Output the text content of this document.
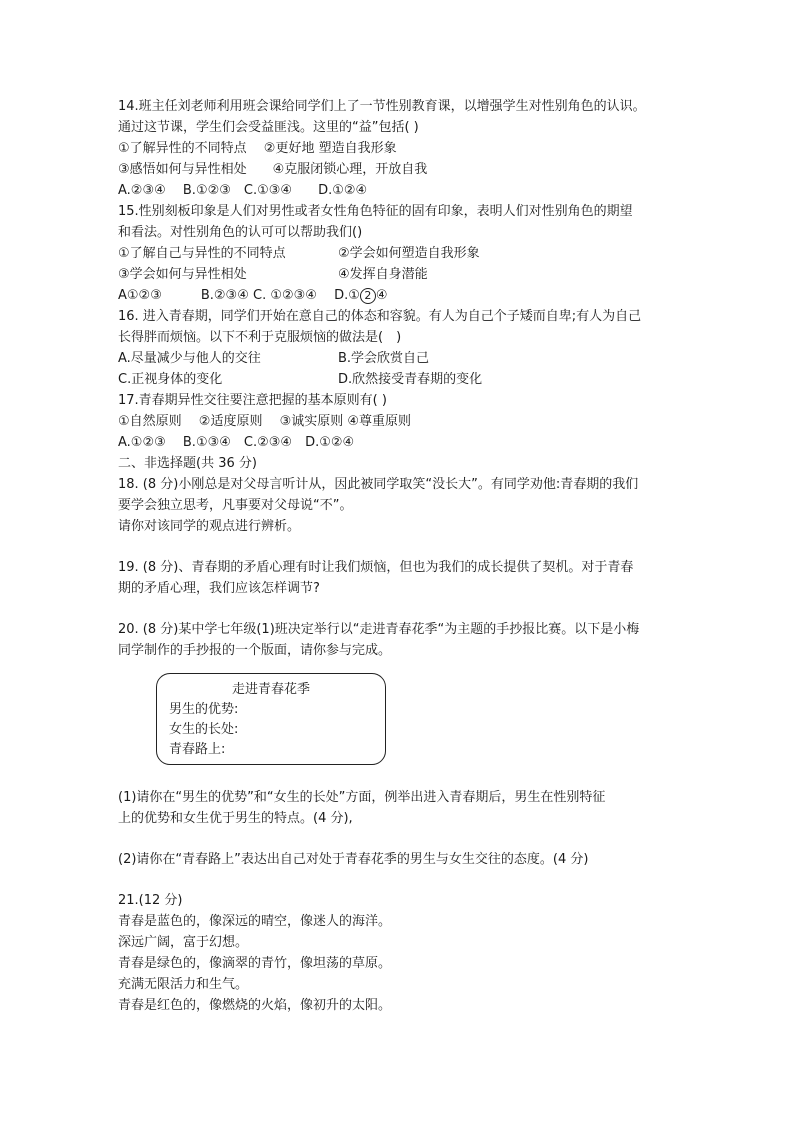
14.班主任刘老师利用班会课给同学们上了一节性别教育课，以增强学生对性别角色的认识。
通过这节课，学生们会受益匪浅。这里的“益”包括( )
①了解异性的不同特点　 ②更好地 塑造自我形象
③感悟如何与异性相处　　④克服闭锁心理，开放自我
A.②③④　 B.①②③　C.①③④　　D.①②④
15.性别刻板印象是人们对男性或者女性角色特征的固有印象，表明人们对性别角色的期望
和看法。对性别角色的认可可以帮助我们()
①了解自己与异性的不同特点	②学会如何塑造自我形象
③学会如何与异性相处	④发挥自身潜能
A①②③　　　B.②③④ C. ①②③④　 D.① 2 ④
16. 进入青春期，同学们开始在意自己的体态和容貌。有人为自己个子矮而自卑;有人为自己
长得胖而烦恼。以下不利于克服烦恼的做法是(　)
A.尽量减少与他人的交往	B.学会欣赏自己
C.正视身体的变化	D.欣然接受青春期的变化
17.青春期异性交往要注意把握的基本原则有( )
①自然原则　 ②适度原则　 ③诚实原则 ④尊重原则
A.①②③　 B.①③④　C.②③④　D.①②④
二、非选择题(共 36 分)
18. (8 分)小刚总是对父母言听计从，因此被同学取笑“没长大”。有同学劝他:青春期的我们
要学会独立思考，凡事要对父母说“不”。
请你对该同学的观点进行辨析。
19. (8 分)、青春期的矛盾心理有时让我们烦恼，但也为我们的成长提供了契机。对于青春
期的矛盾心理，我们应该怎样调节?
20. (8 分)某中学七年级(1)班决定举行以“走进青春花季“为主题的手抄报比赛。以下是小梅
同学制作的手抄报的一个版面，请你参与完成。
走进青春花季
男生的优势:
女生的长处:
青春路上:
(1)请你在“男生的优势”和“女生的长处”方面，例举出进入青春期后，男生在性别特征
上的优势和女生优于男生的特点。(4 分),
(2)请你在“青春路上”表达出自己对处于青春花季的男生与女生交往的态度。(4 分)
21.(12 分)
青春是蓝色的，像深远的晴空，像迷人的海洋。
深远广阔，富于幻想。
青春是绿色的，像滴翠的青竹，像坦荡的草原。
充满无限活力和生气。
青春是红色的，像燃烧的火焰，像初升的太阳。
